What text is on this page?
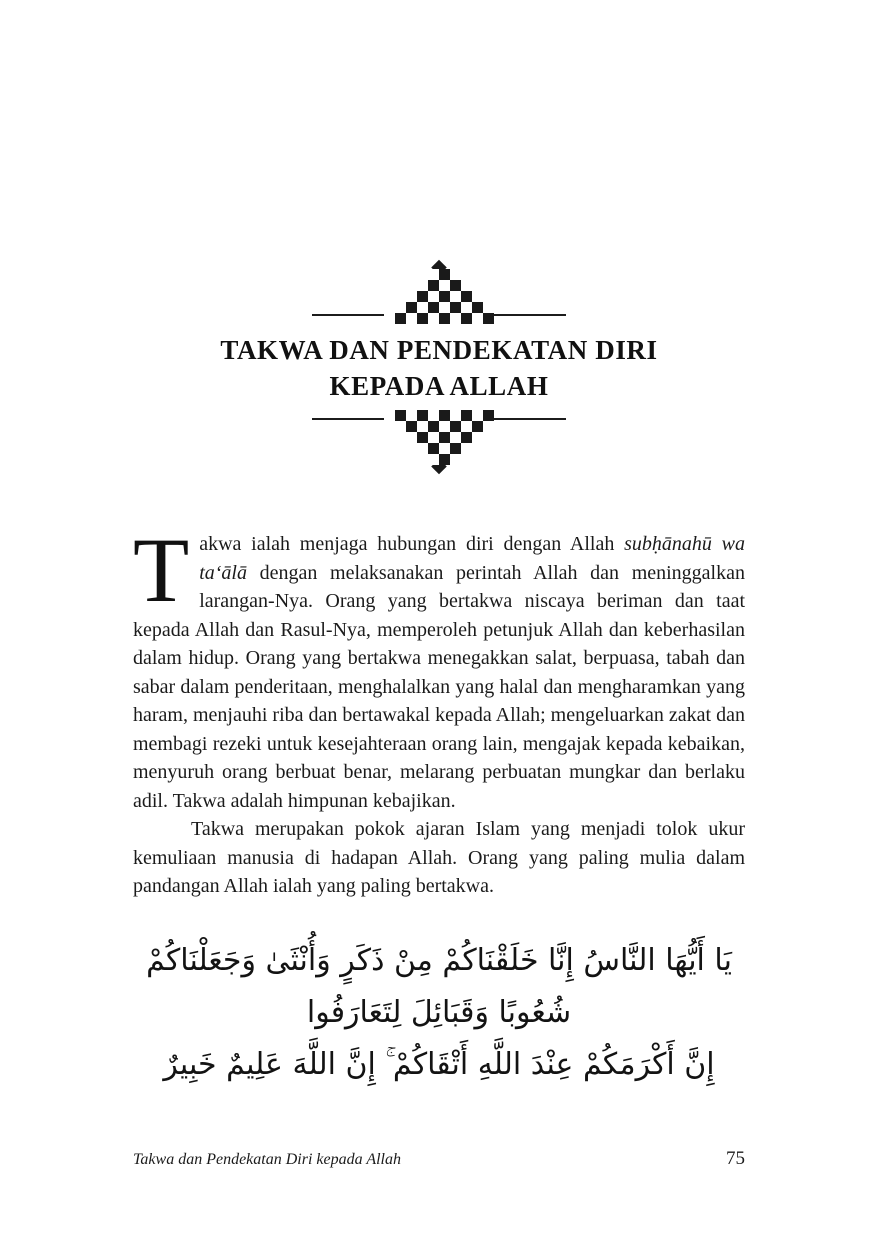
TAKWA DAN PENDEKATAN DIRI
KEPADA ALLAH

Takwa ialah menjaga hubungan diri dengan Allah subḥānahū wa ta‘ālā dengan melaksanakan perintah Allah dan meninggalkan larangan-Nya. Orang yang bertakwa niscaya beriman dan taat kepada Allah dan Rasul-Nya, memperoleh petunjuk Allah dan keberhasilan dalam hidup. Orang yang bertakwa menegakkan salat, berpuasa, tabah dan sabar dalam penderitaan, menghalalkan yang halal dan mengharamkan yang haram, menjauhi riba dan bertawakal kepada Allah; mengeluarkan zakat dan membagi rezeki untuk kesejahteraan orang lain, mengajak kepada kebaikan, menyuruh orang berbuat benar, melarang perbuatan mungkar dan berlaku adil. Takwa adalah himpunan kebajikan.

Takwa merupakan pokok ajaran Islam yang menjadi tolok ukur kemuliaan manusia di hadapan Allah. Orang yang paling mulia dalam pandangan Allah ialah yang paling bertakwa.

يَا أَيُّهَا النَّاسُ إِنَّا خَلَقْنَاكُمْ مِنْ ذَكَرٍ وَأُنْثَىٰ وَجَعَلْنَاكُمْ شُعُوبًا وَقَبَائِلَ لِتَعَارَفُوا
إِنَّ أَكْرَمَكُمْ عِنْدَ اللَّهِ أَتْقَاكُمْ ۚ إِنَّ اللَّهَ عَلِيمٌ خَبِيرٌ
Takwa dan Pendekatan Diri kepada Allah	75
